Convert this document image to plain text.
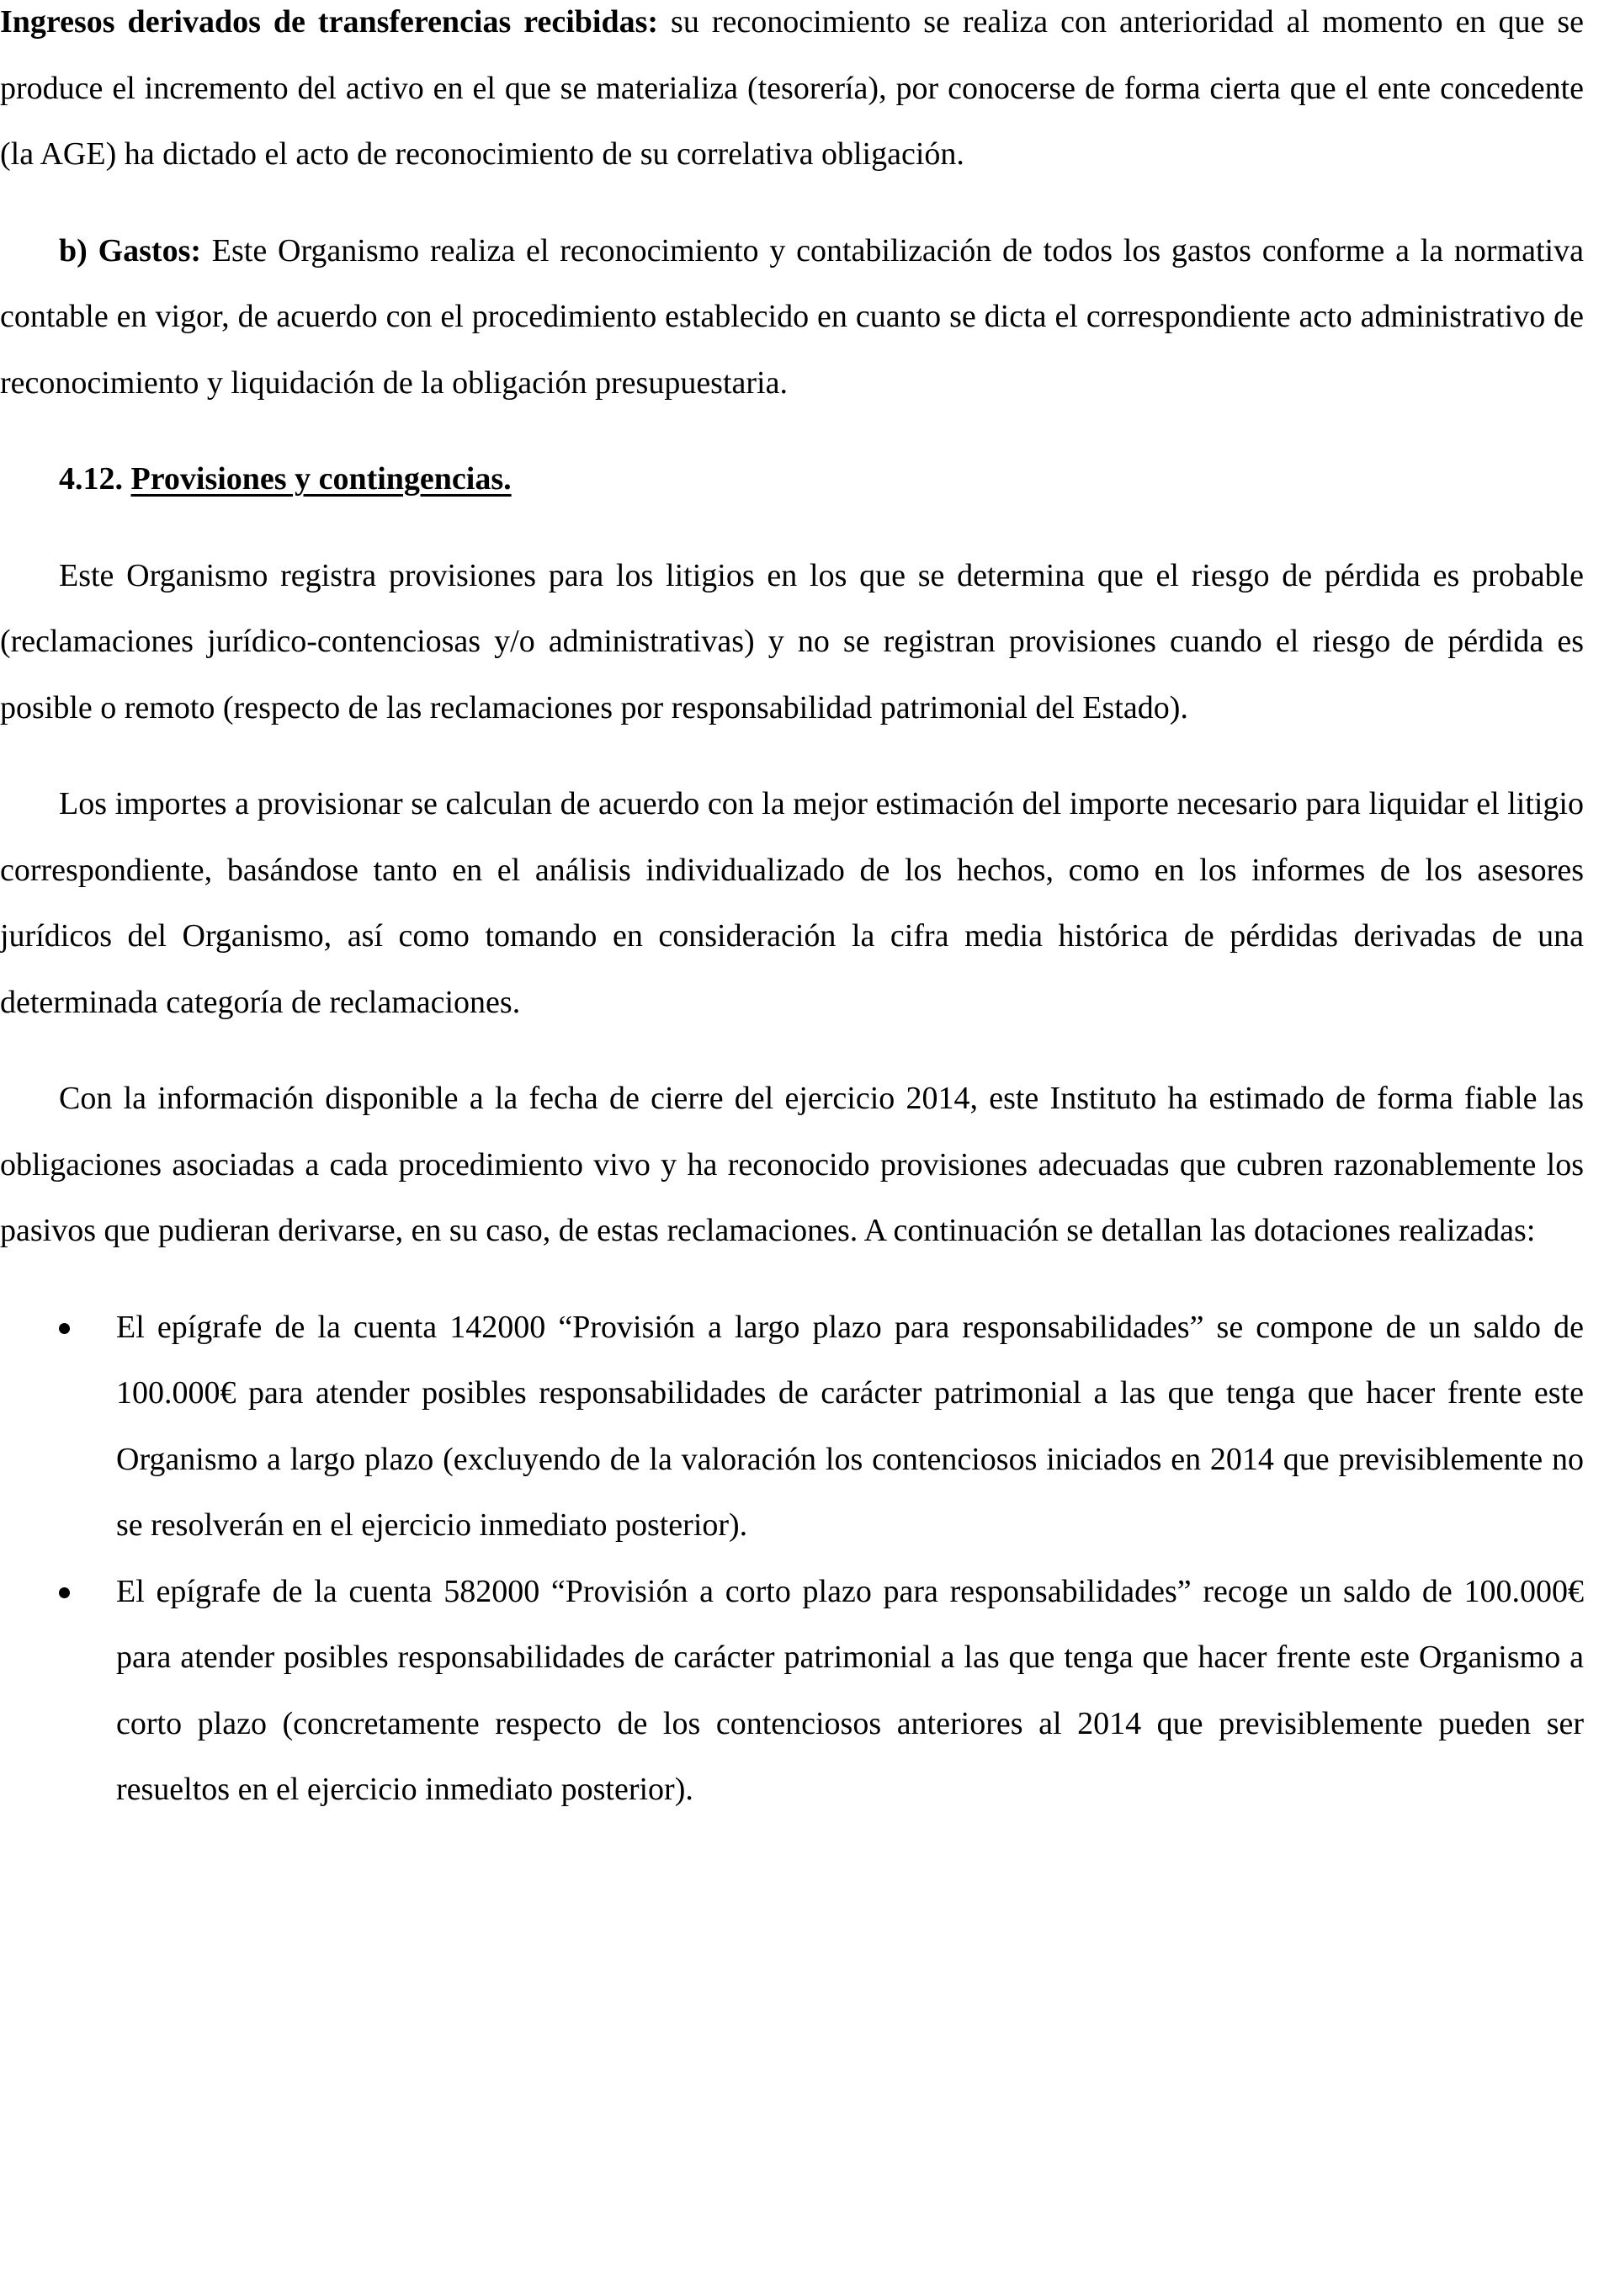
Ingresos derivados de transferencias recibidas: su reconocimiento se realiza con anterioridad al momento en que se produce el incremento del activo en el que se materializa (tesorería), por conocerse de forma cierta que el ente concedente (la AGE) ha dictado el acto de reconocimiento de su correlativa obligación.

b) Gastos: Este Organismo realiza el reconocimiento y contabilización de todos los gastos conforme a la normativa contable en vigor, de acuerdo con el procedimiento establecido en cuanto se dicta el correspondiente acto administrativo de reconocimiento y liquidación de la obligación presupuestaria.

4.12. Provisiones y contingencias.

Este Organismo registra provisiones para los litigios en los que se determina que el riesgo de pérdida es probable (reclamaciones jurídico-contenciosas y/o administrativas) y no se registran provisiones cuando el riesgo de pérdida es posible o remoto (respecto de las reclamaciones por responsabilidad patrimonial del Estado).

Los importes a provisionar se calculan de acuerdo con la mejor estimación del importe necesario para liquidar el litigio correspondiente, basándose tanto en el análisis individualizado de los hechos, como en los informes de los asesores jurídicos del Organismo, así como tomando en consideración la cifra media histórica de pérdidas derivadas de una determinada categoría de reclamaciones.

Con la información disponible a la fecha de cierre del ejercicio 2014, este Instituto ha estimado de forma fiable las obligaciones asociadas a cada procedimiento vivo y ha reconocido provisiones adecuadas que cubren razonablemente los pasivos que pudieran derivarse, en su caso, de estas reclamaciones. A continuación se detallan las dotaciones realizadas:

El epígrafe de la cuenta 142000 “Provisión a largo plazo para responsabilidades” se compone de un saldo de 100.000€ para atender posibles responsabilidades de carácter patrimonial a las que tenga que hacer frente este Organismo a largo plazo (excluyendo de la valoración los contenciosos iniciados en 2014 que previsiblemente no se resolverán en el ejercicio inmediato posterior).
El epígrafe de la cuenta 582000 “Provisión a corto plazo para responsabilidades” recoge un saldo de 100.000€ para atender posibles responsabilidades de carácter patrimonial a las que tenga que hacer frente este Organismo a corto plazo (concretamente respecto de los contenciosos anteriores al 2014 que previsiblemente pueden ser resueltos en el ejercicio inmediato posterior).
